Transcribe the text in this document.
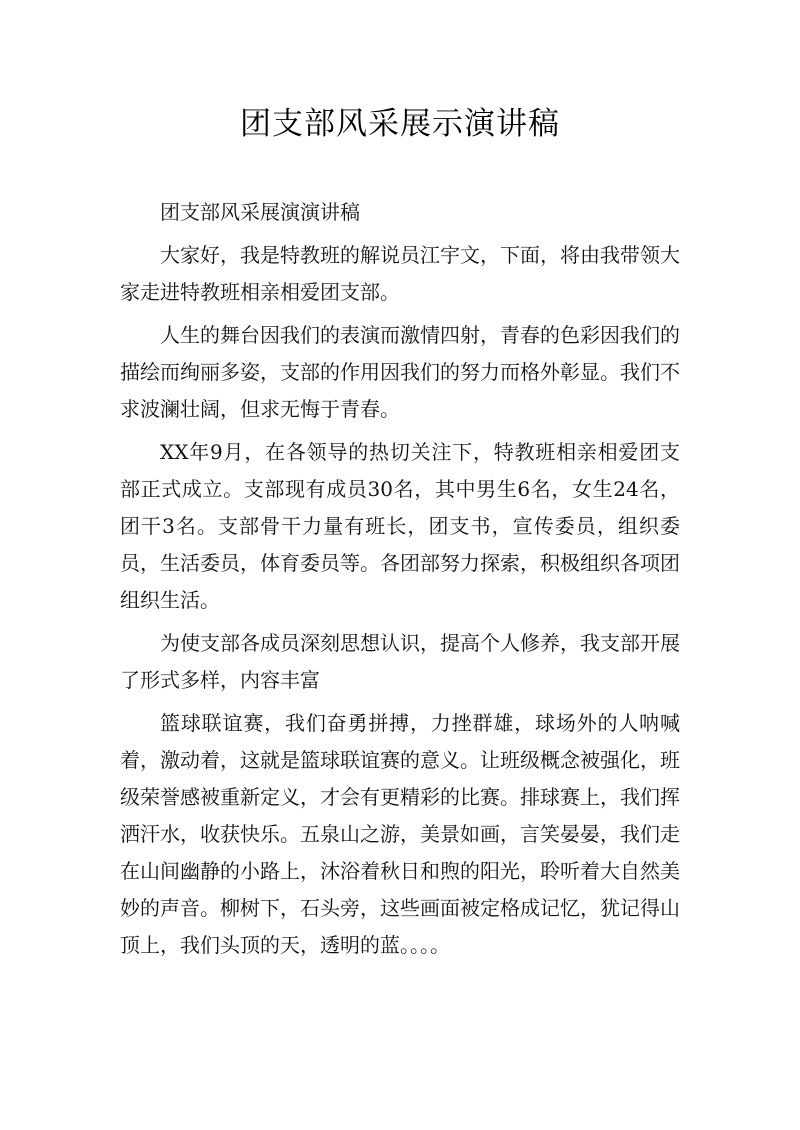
团支部风采展示演讲稿

团支部风采展演演讲稿

大家好，我是特教班的解说员江宇文，下面，将由我带领大家走进特教班相亲相爱团支部。

人生的舞台因我们的表演而激情四射，青春的色彩因我们的描绘而绚丽多姿，支部的作用因我们的努力而格外彰显。我们不求波澜壮阔，但求无悔于青春。

XX年9月，在各领导的热切关注下，特教班相亲相爱团支部正式成立。支部现有成员30名，其中男生6名，女生24名，团干3名。支部骨干力量有班长，团支书，宣传委员，组织委员，生活委员，体育委员等。各团部努力探索，积极组织各项团组织生活。

为使支部各成员深刻思想认识，提高个人修养，我支部开展了形式多样，内容丰富

篮球联谊赛，我们奋勇拼搏，力挫群雄，球场外的人呐喊着，激动着，这就是篮球联谊赛的意义。让班级概念被强化，班级荣誉感被重新定义，才会有更精彩的比赛。排球赛上，我们挥洒汗水，收获快乐。五泉山之游，美景如画，言笑晏晏，我们走在山间幽静的小路上，沐浴着秋日和煦的阳光，聆听着大自然美妙的声音。柳树下，石头旁，这些画面被定格成记忆，犹记得山顶上，我们头顶的天，透明的蓝。。。。
